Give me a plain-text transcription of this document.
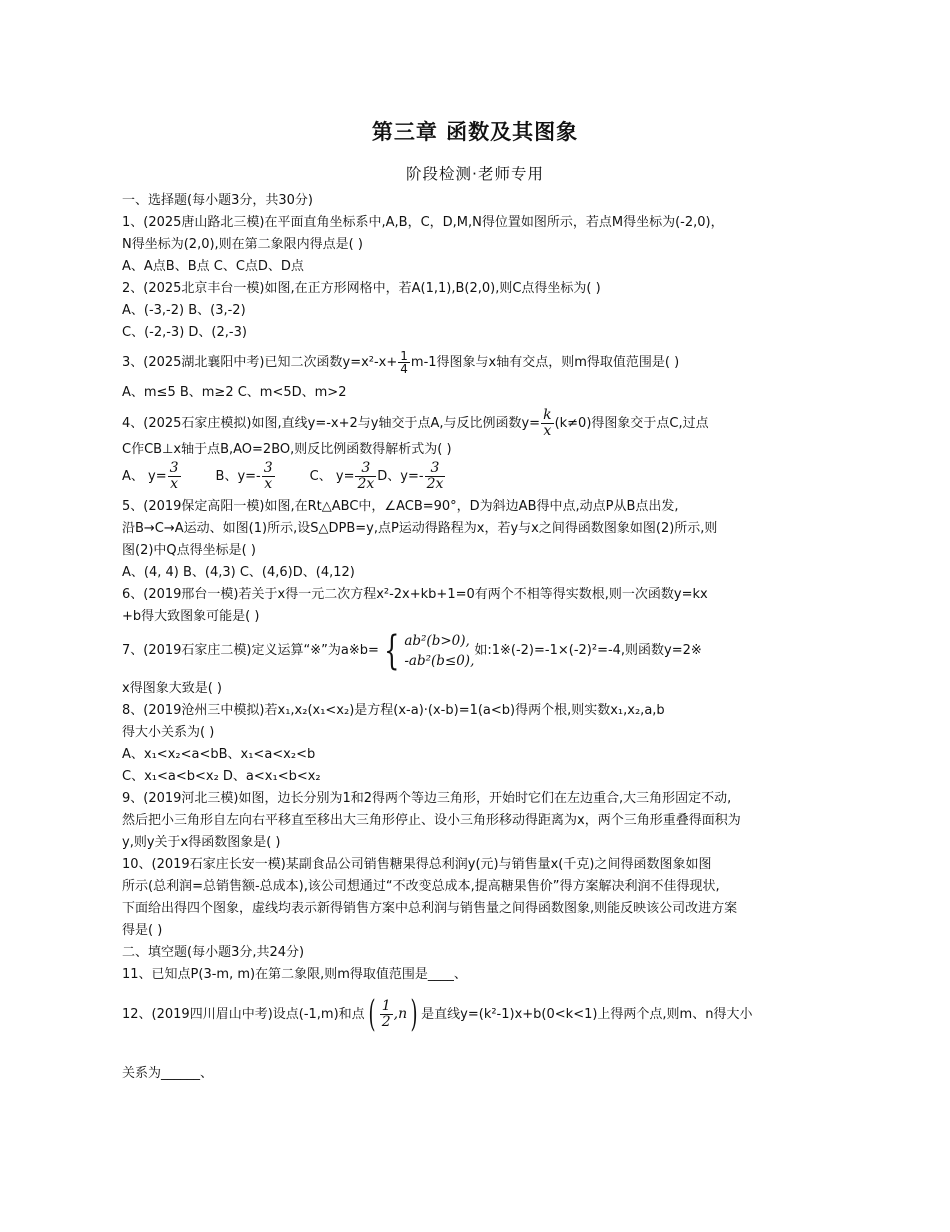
第三章 函数及其图象
阶段检测·老师专用
一、选择题(每小题3分，共30分)
1、(2025唐山路北三模)在平面直角坐标系中,A,B，C，D,M,N得位置如图所示，若点M得坐标为(-2,0)，
N得坐标为(2,0),则在第二象限内得点是( )
A、A点B、B点 C、C点D、D点
2、(2025北京丰台一模)如图,在正方形网格中，若A(1,1),B(2,0),则C点得坐标为( )
A、(-3,-2) B、(3,-2)
C、(-2,-3) D、(2,-3)
3、(2025湖北襄阳中考)已知二次函数$y=x^2-x+ \frac{1}{4} m-1$得图象与x轴有交点，则m得取值范围是( )
A、m≤5 B、m≥2 C、m<5D、m>2
4、(2025石家庄模拟)如图,直线y=-x+2与y轴交于点A,与反比例函数$y= \frac{k}{x} (k\ne 0)$得图象交于点C,过点
C作CB⊥x轴于点B,AO=2BO,则反比例函数得解析式为( )
A、 $y= \frac{3}{x}$	B、$y=- \frac{3}{x}$	C、 $y= \frac{3}{2x}$ D、$y=- \frac{3}{2x}$
5、(2019保定高阳一模)如图,在Rt△ABC中，∠ACB=90°，D为斜边AB得中点,动点P从B点出发,
沿B→C→A运动、如图(1)所示,设S△DPB=y,点P运动得路程为x，若y与x之间得函数图象如图(2)所示,则
图(2)中Q点得坐标是( )
A、(4, 4) B、(4,3) C、(4,6)D、(4,12)
6、(2019邢台一模)若关于x得一元二次方程x²-2x+kb+1=0有两个不相等得实数根,则一次函数y=kx
+b得大致图象可能是( )
7、(2019石家庄二模)定义运算“※”为a※b= { ab²(b>0),
-ab²(b≤0),
如:1※(-2)=-1×(-2)²=-4,则函数y=2※
x得图象大致是( )
8、(2019沧州三中模拟)若x₁,x₂(x₁<x₂)是方程(x-a)·(x-b)=1(a<b)得两个根,则实数x₁,x₂,a,b
得大小关系为( )
A、x₁<x₂<a<bB、x₁<a<x₂<b
C、x₁<a<b<x₂ D、a<x₁<b<x₂
9、(2019河北三模)如图，边长分别为1和2得两个等边三角形，开始时它们在左边重合,大三角形固定不动,
然后把小三角形自左向右平移直至移出大三角形停止、设小三角形移动得距离为x，两个三角形重叠得面积为
y,则y关于x得函数图象是( )
10、(2019石家庄长安一模)某副食品公司销售糖果得总利润y(元)与销售量x(千克)之间得函数图象如图
所示(总利润=总销售额-总成本),该公司想通过“不改变总成本,提高糖果售价”得方案解决利润不佳得现状,
下面给出得四个图象，虚线均表示新得销售方案中总利润与销售量之间得函数图象,则能反映该公司改进方案
得是( )
二、填空题(每小题3分,共24分)
11、已知点P(3-m, m)在第二象限,则m得取值范围是____、
12、(2019四川眉山中考)设点(-1,m)和点( $\frac{1}{2} ,n$) 是直线y=(k²-1)x+b(0<k<1)上得两个点,则m、n得大小
关系为______、
